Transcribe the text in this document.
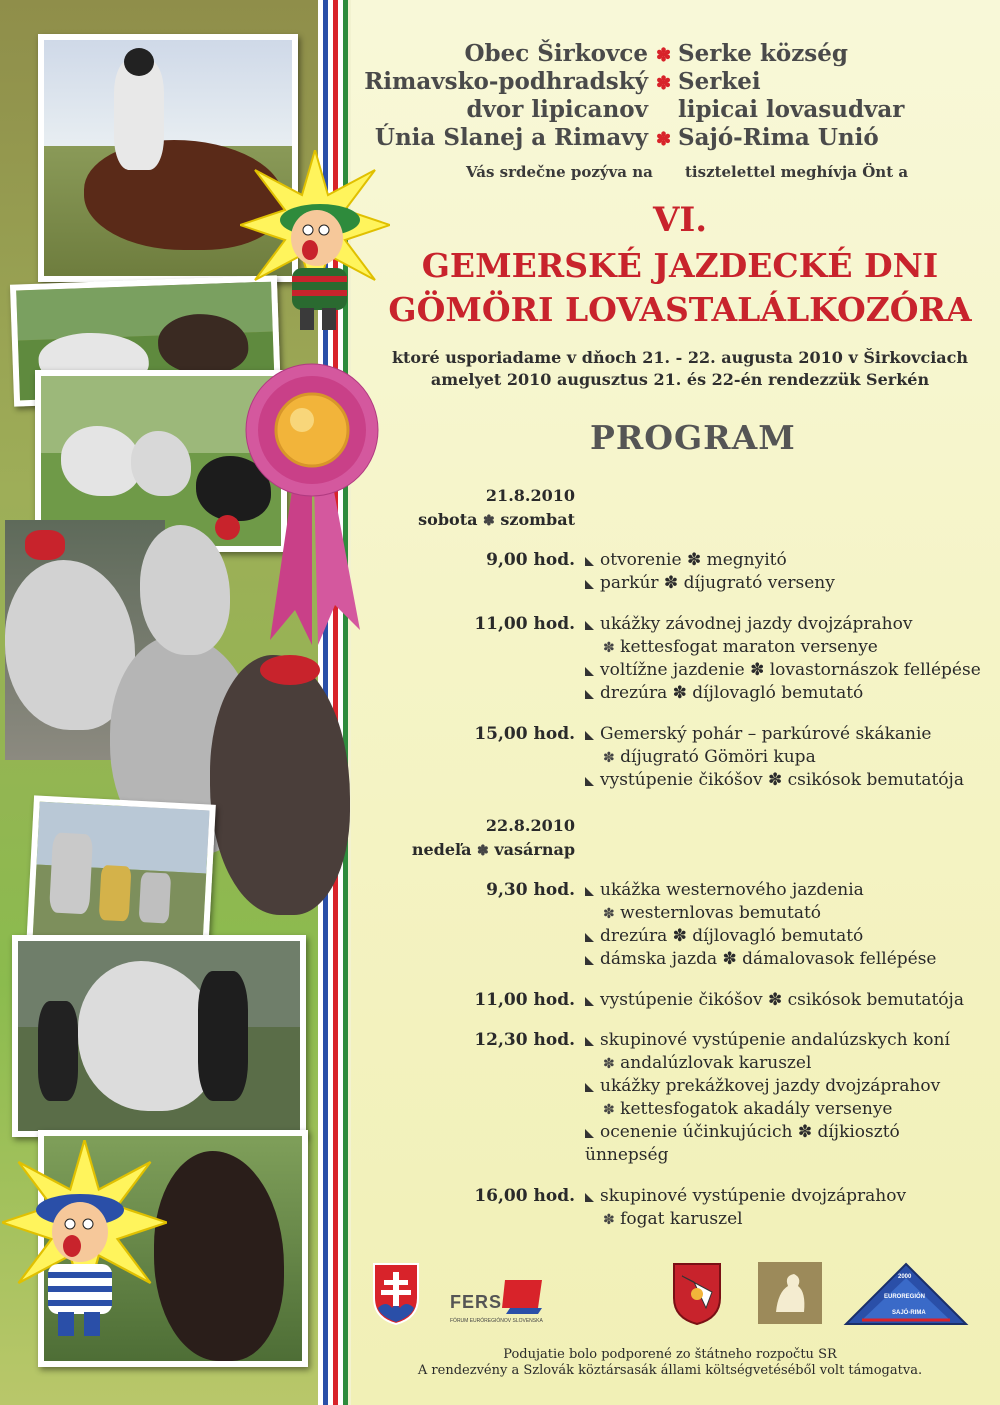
Obec Širkovce ✽ Serke község
Rimavsko-podhradský ✽ Serkei
dvor lipicanov lipicai lovasudvar
Únia Slanej a Rimavy ✽ Sajó-Rima Unió
Vás srdečne pozýva na tisztelettel meghívja Önt a
VI.
GEMERSKÉ JAZDECKÉ DNI
GÖMÖRI LOVASTALÁLKOZÓRA
ktoré usporiadame v dňoch 21. - 22. augusta 2010 v Širkovciach
amelyet 2010 augusztus 21. és 22-én rendezzük Serkén
PROGRAM
21.8.2010
sobota ✽ szombat
9,00 hod.	otvorenie ✽ megnyitó
parkúr ✽ díjugrató verseny
11,00 hod.	ukážky závodnej jazdy dvojzáprahov
✽ kettesfogat maraton versenye
voltížne jazdenie ✽ lovastornászok fellépése
drezúra ✽ díjlovagló bemutató
15,00 hod.	Gemerský pohár – parkúrové skákanie
✽ díjugrató Gömöri kupa
vystúpenie čikóšov ✽ csikósok bemutatója
22.8.2010
nedeľa ✽ vasárnap
9,30 hod.	ukážka westernového jazdenia
✽ westernlovas bemutató
drezúra ✽ díjlovagló bemutató
dámska jazda ✽ dámalovasok fellépése
11,00 hod.	vystúpenie čikóšov ✽ csikósok bemutatója
12,30 hod.	skupinové vystúpenie andalúzskych koní
✽ andalúzlovak karuszel
ukážky prekážkovej jazdy dvojzáprahov
✽ kettesfogatok akadály versenye
ocenenie účinkujúcich ✽ díjkiosztó
ünnepség
16,00 hod.	skupinové vystúpenie dvojzáprahov
✽ fogat karuszel
FERS
FÓRUM EURÓREGIÓNOV SLOVENSKA
2000
EUROREGIÓN
SAJÓ-RIMA
Podujatie bolo podporené zo štátneho rozpočtu SR
A rendezvény a Szlovák köztársasák állami költségvetéséből volt támogatva.
